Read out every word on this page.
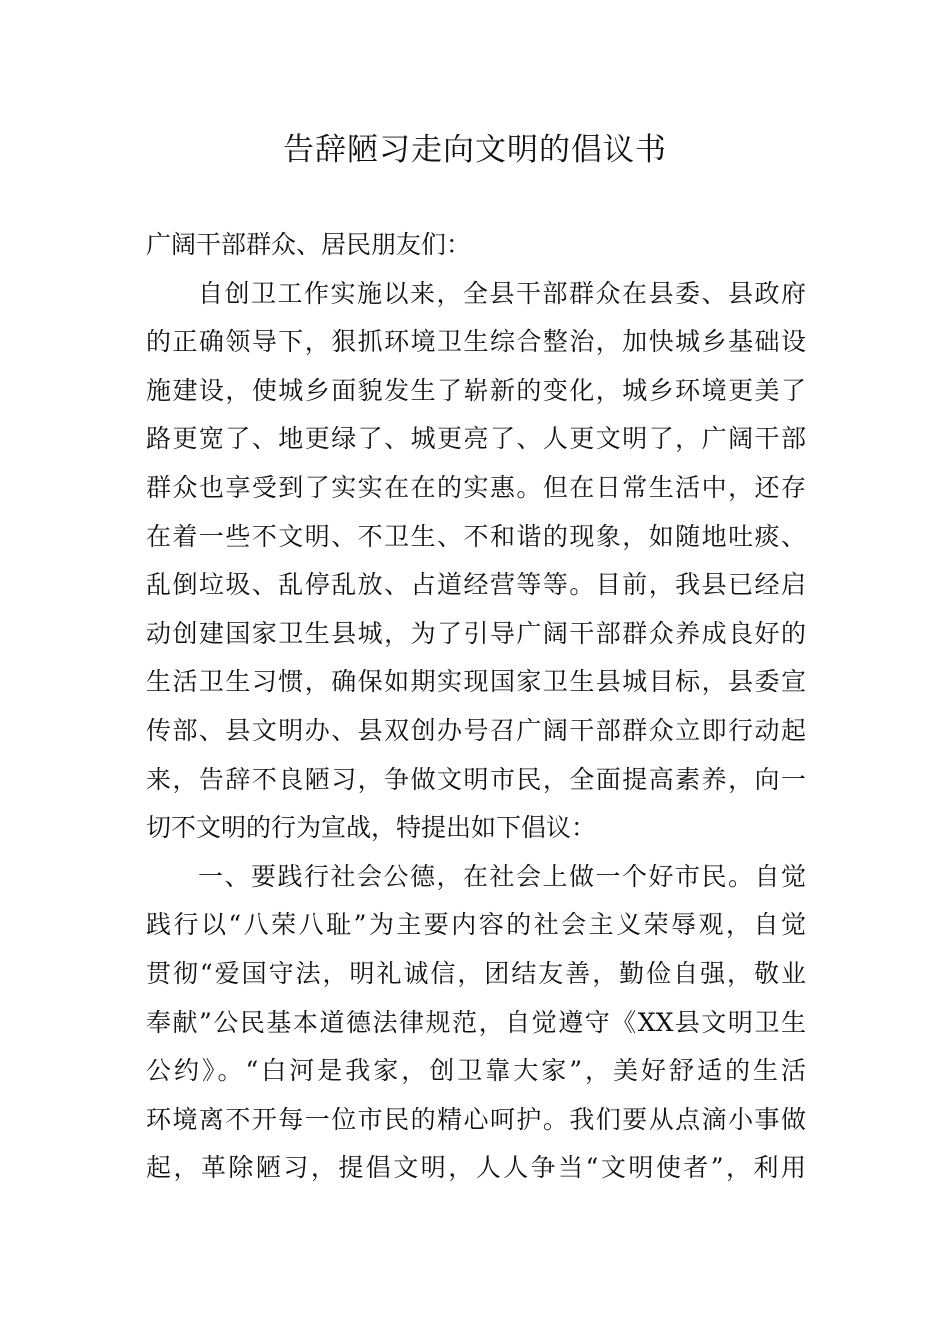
告辞陋习走向文明的倡议书
广阔干部群众、居民朋友们：
自创卫工作实施以来，全县干部群众在县委、县政府
的正确领导下，狠抓环境卫生综合整治，加快城乡基础设
施建设，使城乡面貌发生了崭新的变化，城乡环境更美了
路更宽了、地更绿了、城更亮了、人更文明了，广阔干部
群众也享受到了实实在在的实惠。但在日常生活中，还存
在着一些不文明、不卫生、不和谐的现象，如随地吐痰、
乱倒垃圾、乱停乱放、占道经营等等。目前，我县已经启
动创建国家卫生县城，为了引导广阔干部群众养成良好的
生活卫生习惯，确保如期实现国家卫生县城目标，县委宣
传部、县文明办、县双创办号召广阔干部群众立即行动起
来，告辞不良陋习，争做文明市民，全面提高素养，向一
切不文明的行为宣战，特提出如下倡议：
一、要践行社会公德，在社会上做一个好市民。自觉
践行以“八荣八耻”为主要内容的社会主义荣辱观，自觉
贯彻“爱国守法，明礼诚信，团结友善，勤俭自强，敬业
奉献”公民基本道德法律规范，自觉遵守《XX县文明卫生
公约》。“白河是我家，创卫靠大家”，美好舒适的生活
环境离不开每一位市民的精心呵护。我们要从点滴小事做
起，革除陋习，提倡文明，人人争当“文明使者”，利用
